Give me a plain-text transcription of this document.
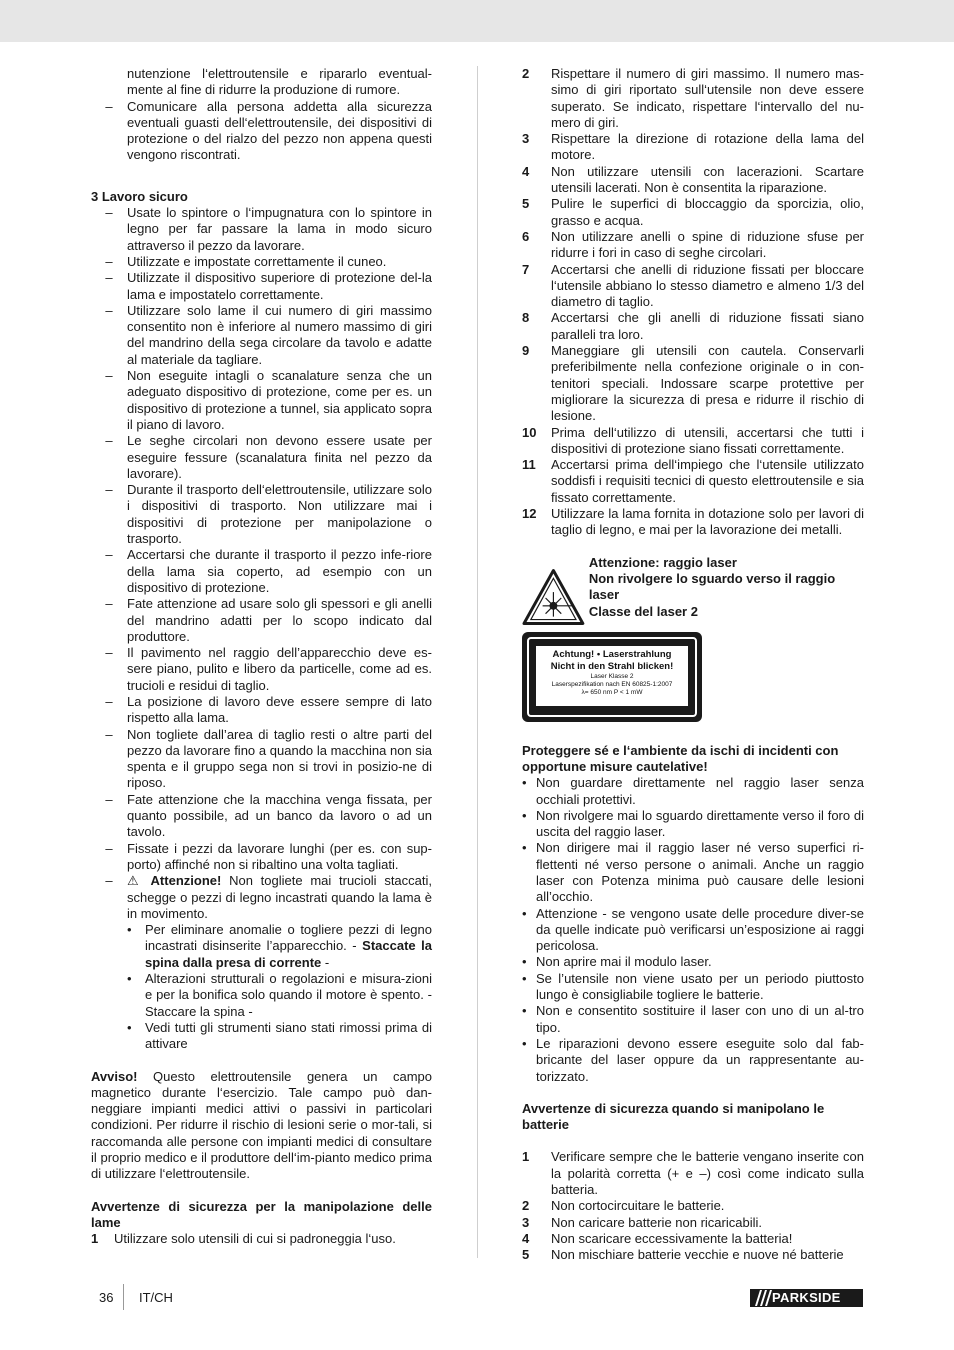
nutenzione l‘elettroutensile e ripararlo eventual-mente al fine di ridurre la produzione di rumore.

–	Comunicare alla persona addetta alla sicurezza eventuali guasti dell‘elettroutensile, dei dispositivi di protezione o del rialzo del pezzo non appena questi vengono riscontrati.

3 Lavoro sicuro

–	Usate lo spintore o l‘impugnatura con lo spintore in legno per far passare la lama in modo sicuro attraverso il pezzo da lavorare.
–	Utilizzate e impostate correttamente il cuneo.
–	Utilizzate il dispositivo superiore di protezione del-la lama e impostatelo correttamente.
–	Utilizzare solo lame il cui numero di giri massimo consentito non è inferiore al numero massimo di giri del mandrino della sega circolare da tavolo e adatte al materiale da tagliare.
–	Non eseguite intagli o scanalature senza che un adeguato dispositivo di protezione, come per es. un dispositivo di protezione a tunnel, sia applicato sopra il piano di lavoro.
–	Le seghe circolari non devono essere usate per eseguire fessure (scanalatura finita nel pezzo da lavorare).
–	Durante il trasporto dell‘elettroutensile, utilizzare solo i dispositivi di trasporto. Non utilizzare mai i dispositivi di protezione per manipolazione o trasporto.
–	Accertarsi che durante il trasporto il pezzo infe-riore della lama sia coperto, ad esempio con un dispositivo di protezione.
–	Fate attenzione ad usare solo gli spessori e gli anelli del mandrino adatti per lo scopo indicato dal produttore.
–	Il pavimento nel raggio dell’apparecchio deve es-sere piano, pulito e libero da particelle, come ad es. trucioli e residui di taglio.
–	La posizione di lavoro deve essere sempre di lato rispetto alla lama.
–	Non togliete dall’area di taglio resti o altre parti del pezzo da lavorare fino a quando la macchina non sia spenta e il gruppo sega non si trovi in posizio-ne di riposo.
–	Fate attenzione che la macchina venga fissata, per quanto possibile, ad un banco da lavoro o ad un tavolo.
–	Fissate i pezzi da lavorare lunghi (per es. con sup-porto) affinché non si ribaltino una volta tagliati.
–	⚠ Attenzione! Non togliete mai trucioli staccati, schegge o pezzi di legno incastrati quando la lama è in movimento.
•	Per eliminare anomalie o togliere pezzi di legno incastrati disinserite l’apparecchio. - Staccate la spina dalla presa di corrente -
•	Alterazioni strutturali o regolazioni e misura-zioni e per la bonifica solo quando il motore è spento. - Staccare la spina -
•	Vedi tutti gli strumenti siano stati rimossi prima di attivare

Avviso! Questo elettroutensile genera un campo magnetico durante l‘esercizio. Tale campo può dan-neggiare impianti medici attivi o passivi in particolari condizioni. Per ridurre il rischio di lesioni serie o mor-tali, si raccomanda alle persone con impianti medici di consultare il proprio medico e il produttore dell‘im-pianto medico prima di utilizzare l‘elettroutensile.

Avvertenze di sicurezza per la manipolazione delle lame

1	Utilizzare solo utensili di cui si padroneggia l‘uso.
2	Rispettare il numero di giri massimo. Il numero mas-simo di giri riportato sull‘utensile non deve essere superato. Se indicato, rispettare l‘intervallo del nu-mero di giri.
3	Rispettare la direzione di rotazione della lama del motore.
4	Non utilizzare utensili con lacerazioni. Scartare utensili lacerati. Non è consentita la riparazione.
5	Pulire le superfici di bloccaggio da sporcizia, olio, grasso e acqua.
6	Non utilizzare anelli o spine di riduzione sfuse per ridurre i fori in caso di seghe circolari.
7	Accertarsi che anelli di riduzione fissati per bloccare l‘utensile abbiano lo stesso diametro e almeno 1/3 del diametro di taglio.
8	Accertarsi che gli anelli di riduzione fissati siano paralleli tra loro.
9	Maneggiare gli utensili con cautela. Conservarli preferibilmente nella confezione originale o in con-tenitori speciali. Indossare scarpe protettive per migliorare la sicurezza di presa e ridurre il rischio di lesione.
10	Prima dell‘utilizzo di utensili, accertarsi che tutti i dispositivi di protezione siano fissati correttamente.
11	Accertarsi prima dell‘impiego che l‘utensile utilizzato soddisfi i requisiti tecnici di questo elettroutensile e sia fissato correttamente.
12	Utilizzare la lama fornita in dotazione solo per lavori di taglio di legno, e mai per la lavorazione dei metalli.

Attenzione: raggio laser

Non rivolgere lo sguardo verso il raggio laser

Classe del laser 2

Achtung! • Laserstrahlung
Nicht in den Strahl blicken!
Laser Klasse 2
Laserspezifikation nach EN 60825-1:2007
λ= 650 nm P < 1 mW

Proteggere sé e l‘ambiente da ischi di incidenti con opportune misure cautelative!

• Non guardare direttamente nel raggio laser senza occhiali protettivi.
• Non rivolgere mai lo sguardo direttamente verso il foro di uscita del raggio laser.
• Non dirigere mai il raggio laser né verso superfici ri-flettenti né verso persone o animali. Anche un raggio laser con Potenza minima può causare delle lesioni all’occhio.
• Attenzione - se vengono usate delle procedure diver-se da quelle indicate può verificarsi un’esposizione ai raggi pericolosa.
• Non aprire mai il modulo laser.
• Se l’utensile non viene usato per un periodo piuttosto lungo è consigliabile togliere le batterie.
• Non e consentito sostituire il laser con uno di un al-tro tipo.
• Le riparazioni devono essere eseguite solo dal fab-bricante del laser oppure da un rappresentante au-torizzato.

Avvertenze di sicurezza quando si manipolano le batterie

1	Verificare sempre che le batterie vengano inserite con la polarità corretta (+ e –) così come indicato sulla batteria.
2	Non cortocircuitare le batterie.
3	Non caricare batterie non ricaricabili.
4	Non scaricare eccessivamente la batteria!
5	Non mischiare batterie vecchie e nuove né batterie
36 IT/CH	PARKSIDE
